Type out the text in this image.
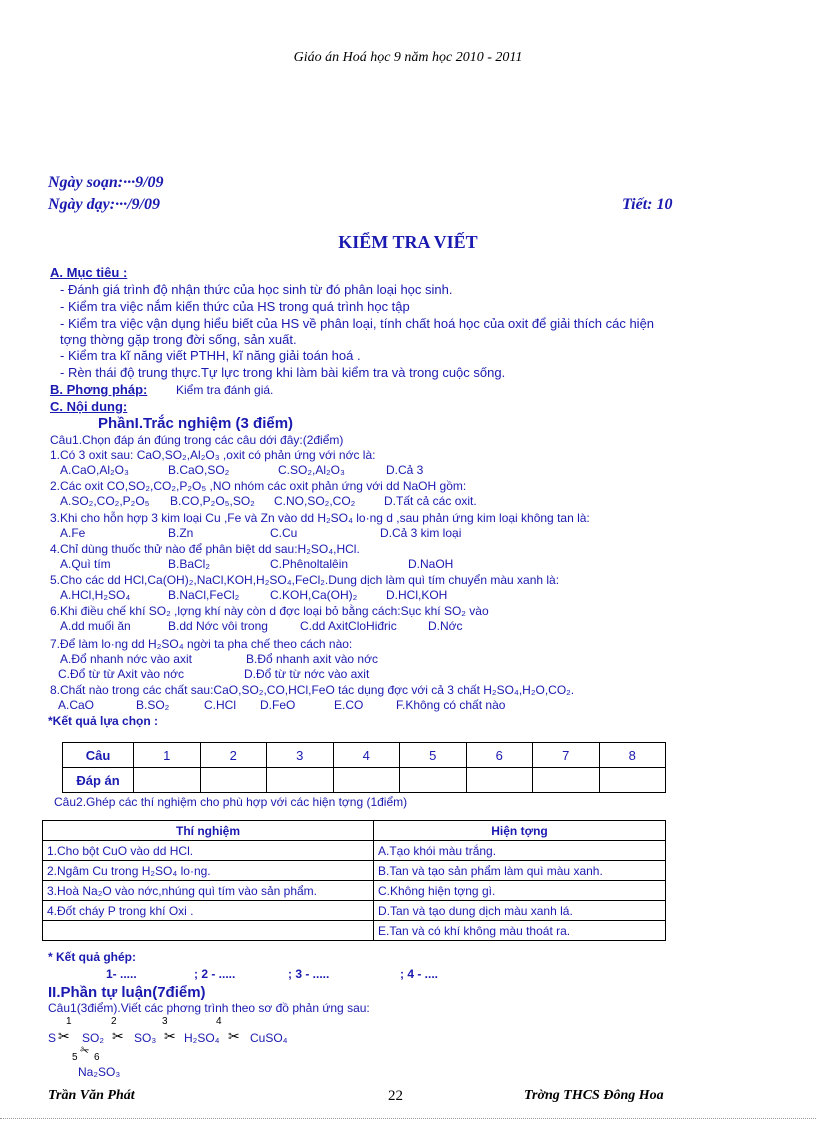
Giáo án Hoá học 9 năm học 2010 - 2011
Ngày soạn:···9/09
Ngày dạy:···/9/09	Tiết: 10
KIỂM TRA VIẾT
A. Mục tiêu :
- Đánh giá trình độ nhận thức của học sinh từ đó phân loại học sinh.
- Kiểm tra việc nắm kiến thức của HS trong quá trình học tập
- Kiểm tra việc vận dụng hiểu biết của HS về phân loại, tính chất hoá học của oxit để giải thích các hiện
tợng thờng gặp trong đời sống, sản xuất.
- Kiểm tra kĩ năng viết PTHH, kĩ năng giải toán hoá .
- Rèn thái độ trung thực.Tự lực trong khi làm bài kiểm tra và trong cuộc sống.
B. Phơng pháp: Kiểm tra đánh giá.
C. Nội dung:
PhầnI.Trắc nghiệm (3 điểm)
Câu1.Chọn đáp án đúng trong các câu dới đây:(2điểm)
1.Có 3 oxit sau: CaO,SO₂,Al₂O₃ ,oxit có phản ứng với nớc là:
A.CaO,Al₂O₃	B.CaO,SO₂	C.SO₂,Al₂O₃	D.Cả 3
2.Các oxit CO,SO₂,CO₂,P₂O₅ ,NO nhóm các oxit phản ứng với dd NaOH gồm:
A.SO₂,CO₂,P₂O₅ B.CO,P₂O₅,SO₂ C.NO,SO₂,CO₂ D.Tất cả các oxit.
3.Khi cho hỗn hợp 3 kim loại Cu ,Fe và Zn vào dd H₂SO₄ lo·ng d ,sau phản ứng kim loại không tan là:
A.Fe	B.Zn	C.Cu	D.Cả 3 kim loại
4.Chỉ dùng thuốc thử nào để phân biệt dd sau:H₂SO₄,HCl.
A.Quì tím	B.BaCl₂	C.Phênoltalêin	D.NaOH
5.Cho các dd HCl,Ca(OH)₂,NaCl,KOH,H₂SO₄,FeCl₂.Dung dịch làm quì tím chuyển màu xanh là:
A.HCl,H₂SO₄	B.NaCl,FeCl₂	C.KOH,Ca(OH)₂ D.HCl,KOH
6.Khi điều chế khí SO₂ ,lợng khí này còn d đợc loại bỏ bằng cách:Sục khí SO₂ vào
A.dd muối ăn	B.dd Nớc vôi trong	C.dd AxitCloHiđric	D.Nớc
7.Để làm lo·ng dd H₂SO₄ ngời ta pha chế theo cách nào:
A.Đổ nhanh nớc vào axit	B.Đổ nhanh axit vào nớc
C.Đổ từ từ Axit vào nớc	D.Đổ từ từ nớc vào axit
8.Chất nào trong các chất sau:CaO,SO₂,CO,HCl,FeO tác dụng đợc với cả 3 chất H₂SO₄,H₂O,CO₂.
A.CaO	B.SO₂	C.HCl D.FeO	E.CO	F.Không có chất nào
*Kết quả lựa chọn :
Câu	1	2	3	4	5	6	7	8
Đáp án								
Câu2.Ghép các thí nghiệm cho phù hợp với các hiện tợng (1điểm)
Thí nghiệm	Hiện tợng
1.Cho bột CuO vào dd HCl.	A.Tạo khói màu trắng.
2.Ngâm Cu trong H₂SO₄ lo·ng.	B.Tan và tạo sản phẩm làm quì màu xanh.
3.Hoà Na₂O vào nớc,nhúng quì tím vào sản phẩm.	C.Không hiện tợng gì.
4.Đốt cháy P trong khí Oxi .	D.Tan và tạo dung dịch màu xanh lá.
	E.Tan và có khí không màu thoát ra.
* Kết quả ghép:
1- .....	; 2 - .....	; 3 - .....	; 4 - ....
II.Phần tự luận(7điểm)
Câu1(3điểm).Viết các phơng trình theo sơ đồ phản ứng sau:
1	2	3	4
S ✂ SO₂ ✂ SO₃ ✂ H₂SO₄ ✂ CuSO₄
5 ✂ 6
Na₂SO₃
Trần Văn Phát	22	Trờng THCS Đông Hoa
